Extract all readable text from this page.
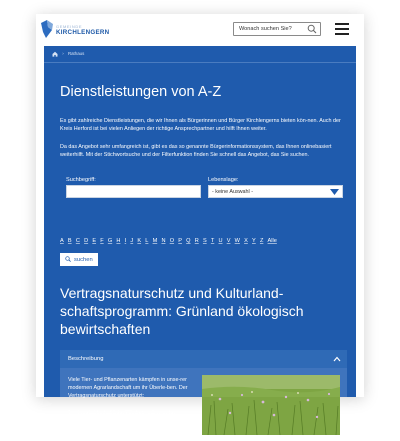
GEMEINDE
KIRCHLENGERN	Wonach suchen Sie?
› Rathaus
Dienstleistungen von A-Z

Es gibt zahlreiche Dienstleistungen, die wir Ihnen als Bürgerinnen und Bürger Kirchlengerns bieten kön-nen. Auch der Kreis Herford ist bei vielen Anliegen der richtige Ansprechpartner und hilft Ihnen weiter.

Da das Angebot sehr umfangreich ist, gibt es das so genannte Bürgerinformationssystem, das Ihnen onlinebasiert weiterhilft. Mit der Stichwortsuche und der Filterfunktion finden Sie schnell das Angebot, das Sie suchen.

Suchbegriff:	Lebenslage:
- keine Auswahl -
A B C D E F G H I J K L M N O P Q R S T U V W X Y Z Alle
suchen
Vertragsnaturschutz und Kulturland-schaftsprogramm: Grünland ökologisch bewirtschaften
Beschreibung
Viele Tier- und Pflanzenarten kämpfen in unse-rer modernen Agrarlandschaft um ihr Überle-ben. Der Vertragsnaturschutz unterstützt:
1. Landwirtschaftliche Flächen sollen so be-wirtschaftet werden, dass Lebensgemein-schaften (Biotope) erhalten oder sogar wie-derhergestellt werden.
